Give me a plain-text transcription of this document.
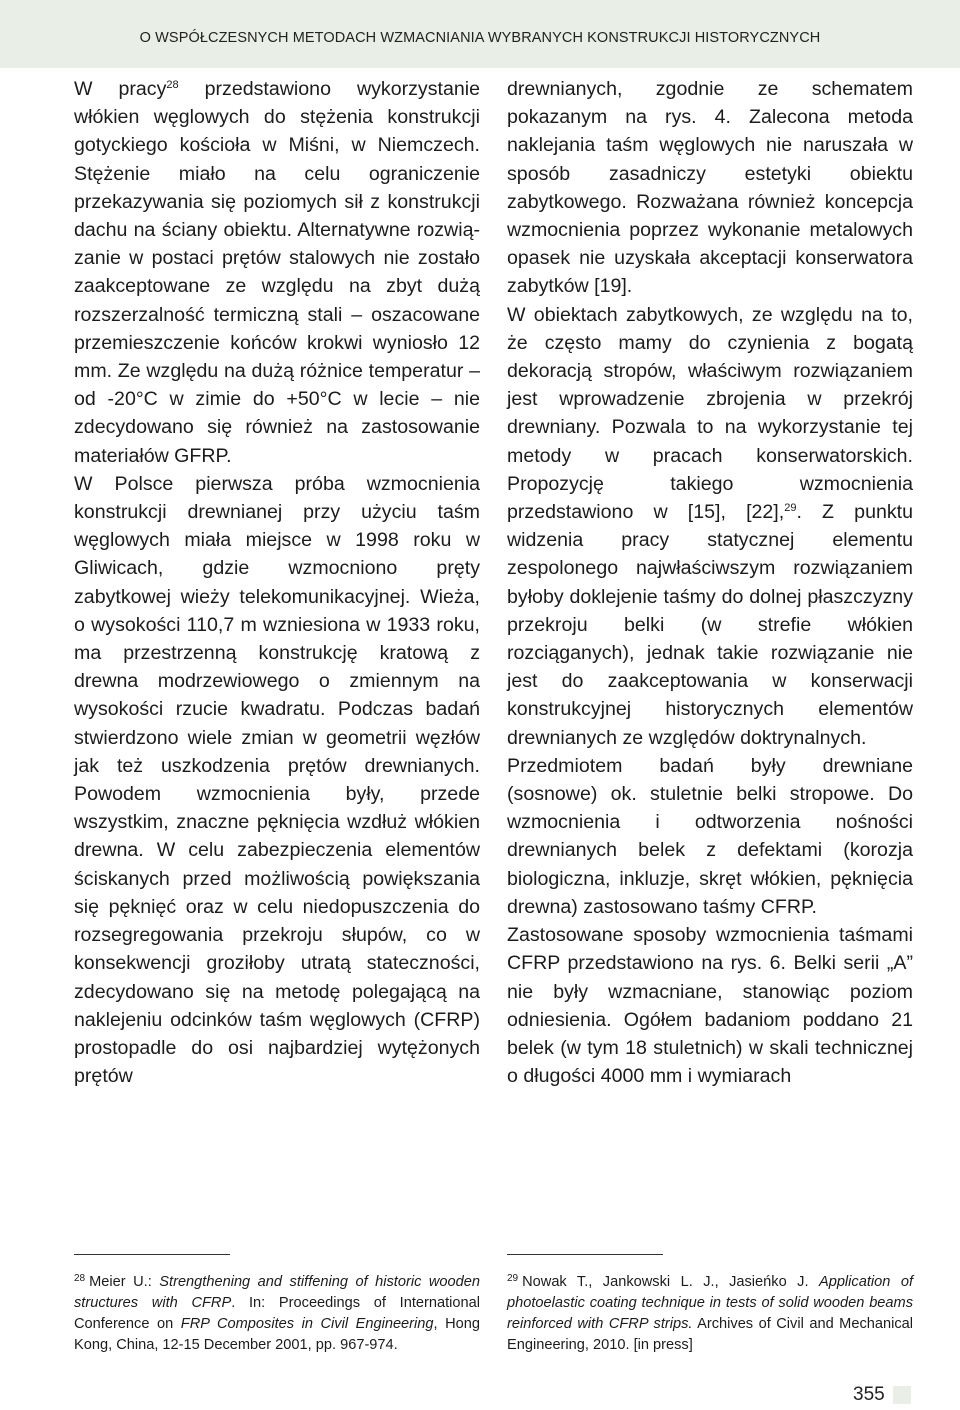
O WSPÓŁCZESNYCH METODACH WZMACNIANIA WYBRANYCH KONSTRUKCJI HISTORYCZNYCH

W pracy$^{28}$ przedstawiono wykorzystanie włókien węglowych do stężenia konstrukcji gotyckiego kościoła w Miśni, w Niemczech. Stężenie miało na celu ograniczenie przekazywania się poziomych sił z konstrukcji dachu na ściany obiektu. Alternatywne rozwiązanie w postaci prętów stalowych nie zostało zaakceptowane ze względu na zbyt dużą rozszerzalność termiczną stali – oszacowane przemieszczenie końców krokwi wyniosło 12 mm. Ze względu na dużą różnice temperatur – od -20°C w zimie do +50°C w lecie – nie zdecydowano się również na zastosowanie materiałów GFRP.

W Polsce pierwsza próba wzmocnienia konstrukcji drewnianej przy użyciu taśm węglowych miała miejsce w 1998 roku w Gliwicach, gdzie wzmocniono pręty zabytkowej wieży telekomunikacyjnej. Wieża, o wysokości 110,7 m wzniesiona w 1933 roku, ma przestrzenną konstrukcję kratową z drewna modrzewiowego o zmiennym na wysokości rzucie kwadratu. Podczas badań stwierdzono wiele zmian w geometrii węzłów jak też uszkodzenia prętów drewnianych. Powodem wzmocnienia były, przede wszystkim, znaczne pęknięcia wzdłuż włókien drewna. W celu zabezpieczenia elementów ściskanych przed możliwością powiększania się pęknięć oraz w celu niedopuszczenia do rozsegregowania przekroju słupów, co w konsekwencji groziłoby utratą stateczności, zdecydowano się na metodę polegającą na naklejeniu odcinków taśm węglowych (CFRP) prostopadle do osi najbardziej wytężonych prętów

drewnianych, zgodnie ze schematem pokazanym na rys. 4. Zalecona metoda naklejania taśm węglowych nie naruszała w sposób zasadniczy estetyki obiektu zabytkowego. Rozważana również koncepcja wzmocnienia poprzez wykonanie metalowych opasek nie uzyskała akceptacji konserwatora zabytków [19].

W obiektach zabytkowych, ze względu na to, że często mamy do czynienia z bogatą dekoracją stropów, właściwym rozwiązaniem jest wprowadzenie zbrojenia w przekrój drewniany. Pozwala to na wykorzystanie tej metody w pracach konserwatorskich. Propozycję takiego wzmocnienia przedstawiono w [15], [22],$^{29}$. Z punktu widzenia pracy statycznej elementu zespolonego najwłaściwszym rozwiązaniem byłoby doklejenie taśmy do dolnej płaszczyzny przekroju belki (w strefie włókien rozciąganych), jednak takie rozwiązanie nie jest do zaakceptowania w konserwacji konstrukcyjnej historycznych elementów drewnianych ze względów doktrynalnych.

Przedmiotem badań były drewniane (sosnowe) ok. stuletnie belki stropowe. Do wzmocnienia i odtworzenia nośności drewnianych belek z defektami (korozja biologiczna, inkluzje, skręt włókien, pęknięcia drewna) zastosowano taśmy CFRP.

Zastosowane sposoby wzmocnienia taśmami CFRP przedstawiono na rys. 6. Belki serii „A” nie były wzmacniane, stanowiąc poziom odniesienia. Ogółem badaniom poddano 21 belek (w tym 18 stuletnich) w skali technicznej o długości 4000 mm i wymiarach

$^{28}$ Meier U.: Strengthening and stiffening of historic wooden structures with CFRP. In: Proceedings of International Conference on FRP Composites in Civil Engineering, Hong Kong, China, 12-15 December 2001, pp. 967-974.
$^{29}$ Nowak T., Jankowski L. J., Jasieńko J. Application of photoelastic coating technique in tests of solid wooden beams reinforced with CFRP strips. Archives of Civil and Mechanical Engineering, 2010. [in press]
355
